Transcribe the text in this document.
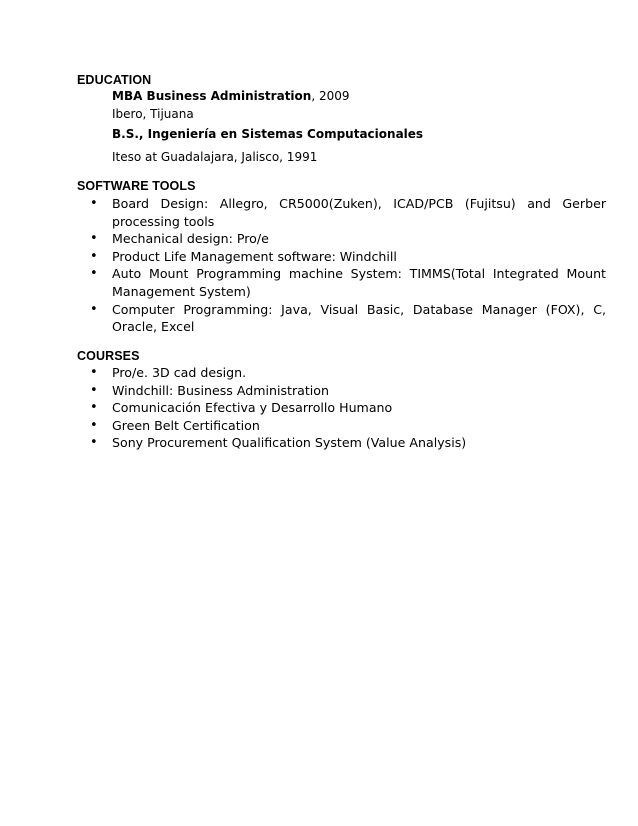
EDUCATION
MBA Business Administration, 2009
Ibero, Tijuana
B.S., Ingeniería en Sistemas Computacionales
Iteso at Guadalajara, Jalisco, 1991
SOFTWARE TOOLS
•	Board Design: Allegro, CR5000(Zuken), ICAD/PCB (Fujitsu) and Gerber processing tools
•	Mechanical design: Pro/e
•	Product Life Management software: Windchill
•	Auto Mount Programming machine System: TIMMS(Total Integrated Mount Management System)
•	Computer Programming: Java, Visual Basic, Database Manager (FOX), C, Oracle, Excel
COURSES
•	Pro/e. 3D cad design.
•	Windchill: Business Administration
•	Comunicación Efectiva y Desarrollo Humano
•	Green Belt Certification
•	Sony Procurement Qualification System (Value Analysis)
